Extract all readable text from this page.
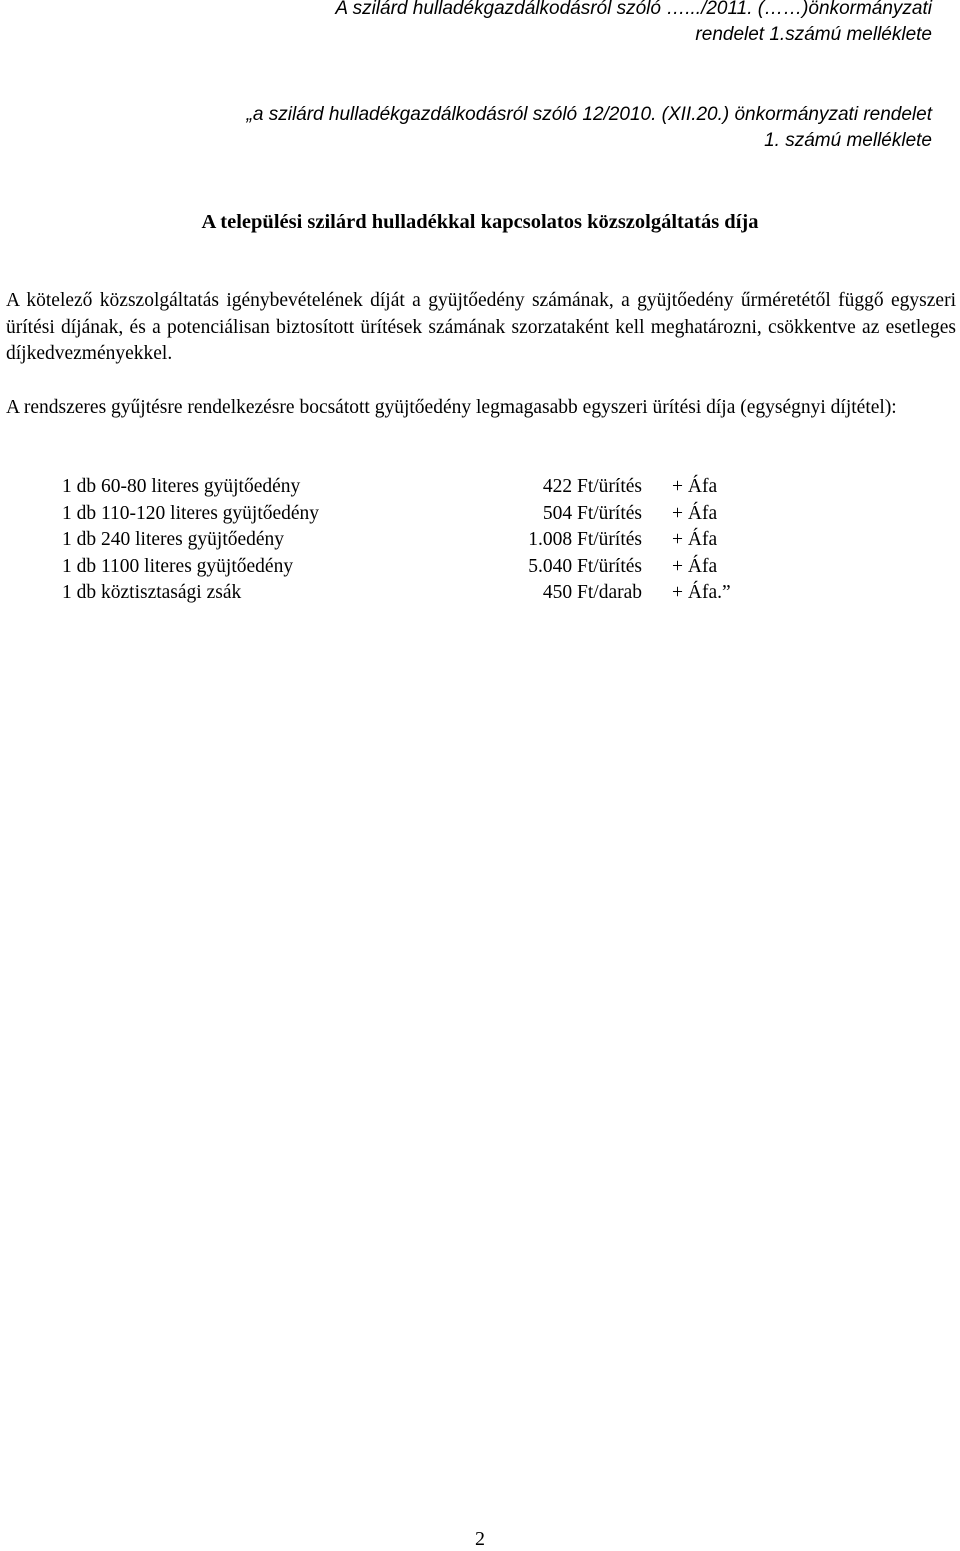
A szilárd hulladékgazdálkodásról szóló ….../2011. (……)önkormányzati
rendelet 1.számú melléklete
„a szilárd hulladékgazdálkodásról szóló 12/2010. (XII.20.) önkormányzati rendelet
1. számú melléklete
A települési szilárd hulladékkal kapcsolatos közszolgáltatás díja
A kötelező közszolgáltatás igénybevételének díját a gyüjtőedény számának, a gyüjtőedény űrméretétől függő egyszeri ürítési díjának, és a potenciálisan biztosított ürítések számának szorzataként kell meghatározni, csökkentve az esetleges díjkedvezményekkel.
A rendszeres gyűjtésre rendelkezésre bocsátott gyüjtőedény legmagasabb egyszeri ürítési díja (egységnyi díjtétel):
1 db 60-80 literes gyüjtőedény	422 Ft/ürítés + Áfa
1 db 110-120 literes gyüjtőedény	504 Ft/ürítés + Áfa
1 db 240 literes gyüjtőedény	1.008 Ft/ürítés + Áfa
1 db 1100 literes gyüjtőedény	5.040 Ft/ürítés + Áfa
1 db köztisztasági zsák	450 Ft/darab + Áfa.”
2
